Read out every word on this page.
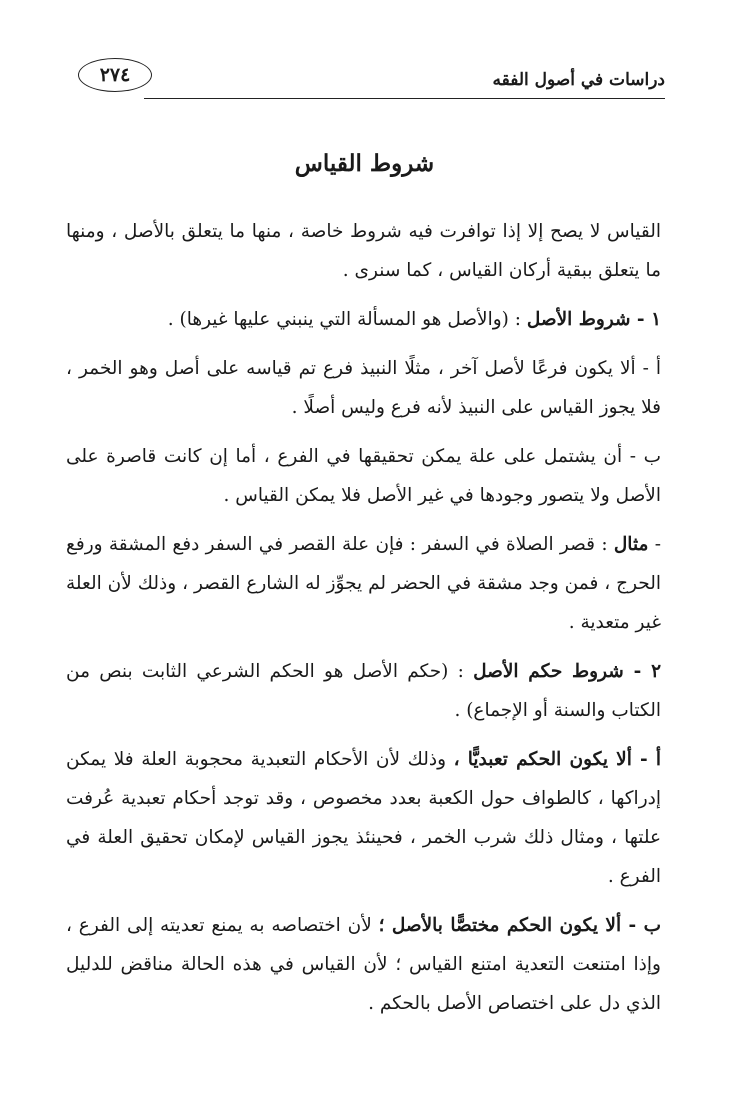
٢٧٤	دراسات في أصول الفقه
شروط القياس

القياس لا يصح إلا إذا توافرت فيه شروط خاصة ، منها ما يتعلق بالأصل ، ومنها ما يتعلق ببقية أركان القياس ، كما سنرى .

١ - شروط الأصل : (والأصل هو المسألة التي ينبني عليها غيرها) .

أ - ألا يكون فرعًا لأصل آخر ، مثلًا النبيذ فرع تم قياسه على أصل وهو الخمر ، فلا يجوز القياس على النبيذ لأنه فرع وليس أصلًا .

ب - أن يشتمل على علة يمكن تحقيقها في الفرع ، أما إن كانت قاصرة على الأصل ولا يتصور وجودها في غير الأصل فلا يمكن القياس .

- مثال : قصر الصلاة في السفر : فإن علة القصر في السفر دفع المشقة ورفع الحرج ، فمن وجد مشقة في الحضر لم يجوِّز له الشارع القصر ، وذلك لأن العلة غير متعدية .

٢ - شروط حكم الأصل : (حكم الأصل هو الحكم الشرعي الثابت بنص من الكتاب والسنة أو الإجماع) .

أ - ألا يكون الحكم تعبديًّا ، وذلك لأن الأحكام التعبدية محجوبة العلة فلا يمكن إدراكها ، كالطواف حول الكعبة بعدد مخصوص ، وقد توجد أحكام تعبدية عُرفت علتها ، ومثال ذلك شرب الخمر ، فحينئذ يجوز القياس لإمكان تحقيق العلة في الفرع .

ب - ألا يكون الحكم مختصًّا بالأصل ؛ لأن اختصاصه به يمنع تعديته إلى الفرع ، وإذا امتنعت التعدية امتنع القياس ؛ لأن القياس في هذه الحالة مناقض للدليل الذي دل على اختصاص الأصل بالحكم .
